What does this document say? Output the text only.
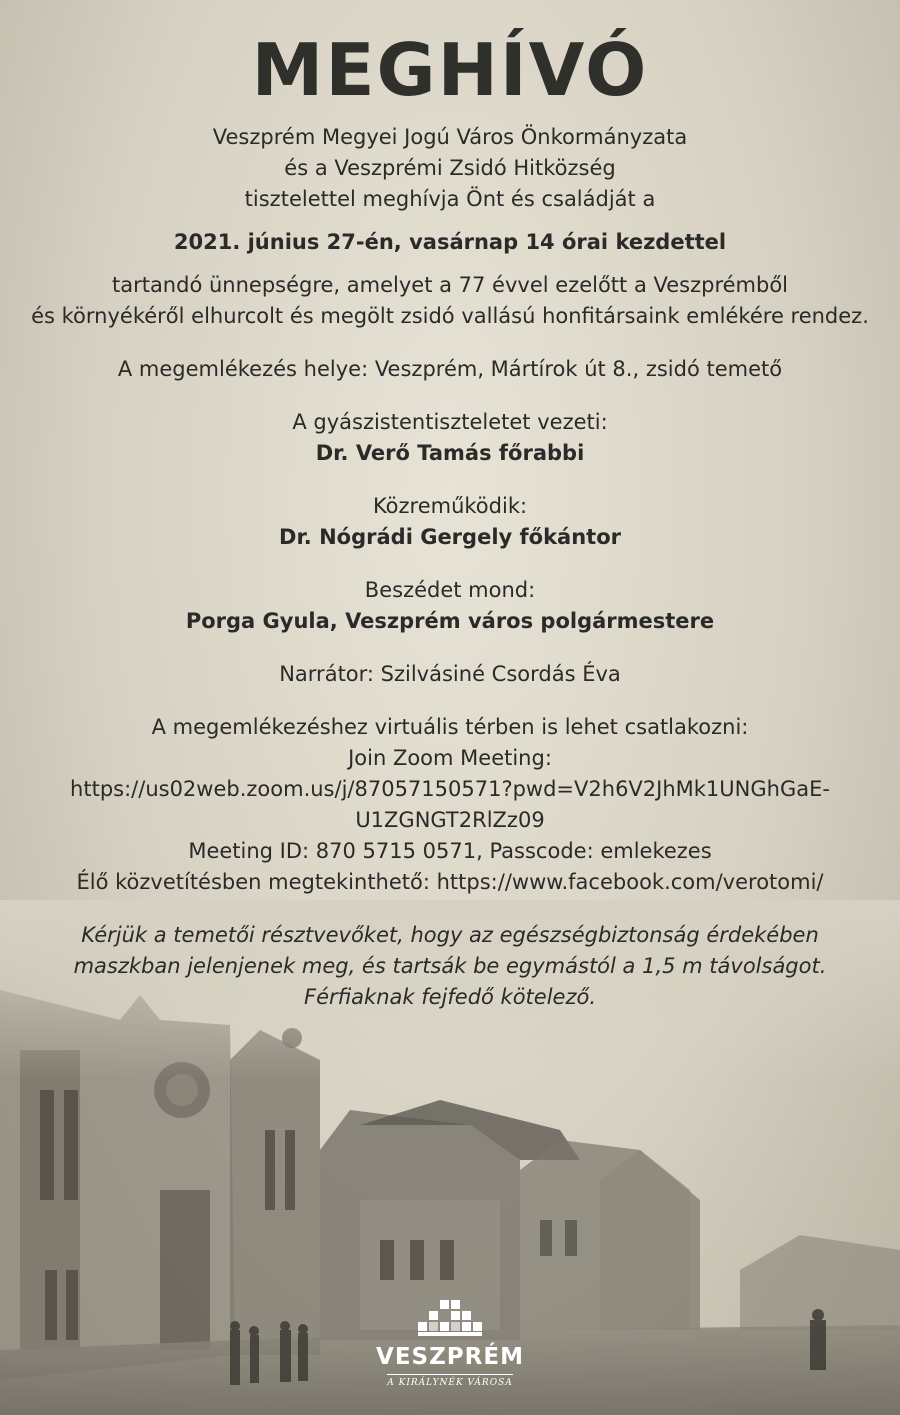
MEGHÍVÓ

Veszprém Megyei Jogú Város Önkormányzata

és a Veszprémi Zsidó Hitközség

tisztelettel meghívja Önt és családját a

2021. június 27-én, vasárnap 14 órai kezdettel

tartandó ünnepségre, amelyet a 77 évvel ezelőtt a Veszprémből

és környékéről elhurcolt és megölt zsidó vallású honfitársaink emlékére rendez.

A megemlékezés helye: Veszprém, Mártírok út 8., zsidó temető

A gyászistentiszteletet vezeti:

Dr. Verő Tamás főrabbi

Közreműködik:

Dr. Nógrádi Gergely főkántor

Beszédet mond:

Porga Gyula, Veszprém város polgármestere

Narrátor: Szilvásiné Csordás Éva

A megemlékezéshez virtuális térben is lehet csatlakozni:

Join Zoom Meeting:

https://us02web.zoom.us/j/87057150571?pwd=V2h6V2JhMk1UNGhGaE-

U1ZGNGT2RlZz09

Meeting ID: 870 5715 0571, Passcode: emlekezes

Élő közvetítésben megtekinthető: https://www.facebook.com/verotomi/

Kérjük a temetői résztvevőket, hogy az egészségbiztonság érdekében

maszkban jelenjenek meg, és tartsák be egymástól a 1,5 m távolságot.

Férfiaknak fejfedő kötelező.

VESZPRÉM
A KIRÁLYNÉK VÁROSA
